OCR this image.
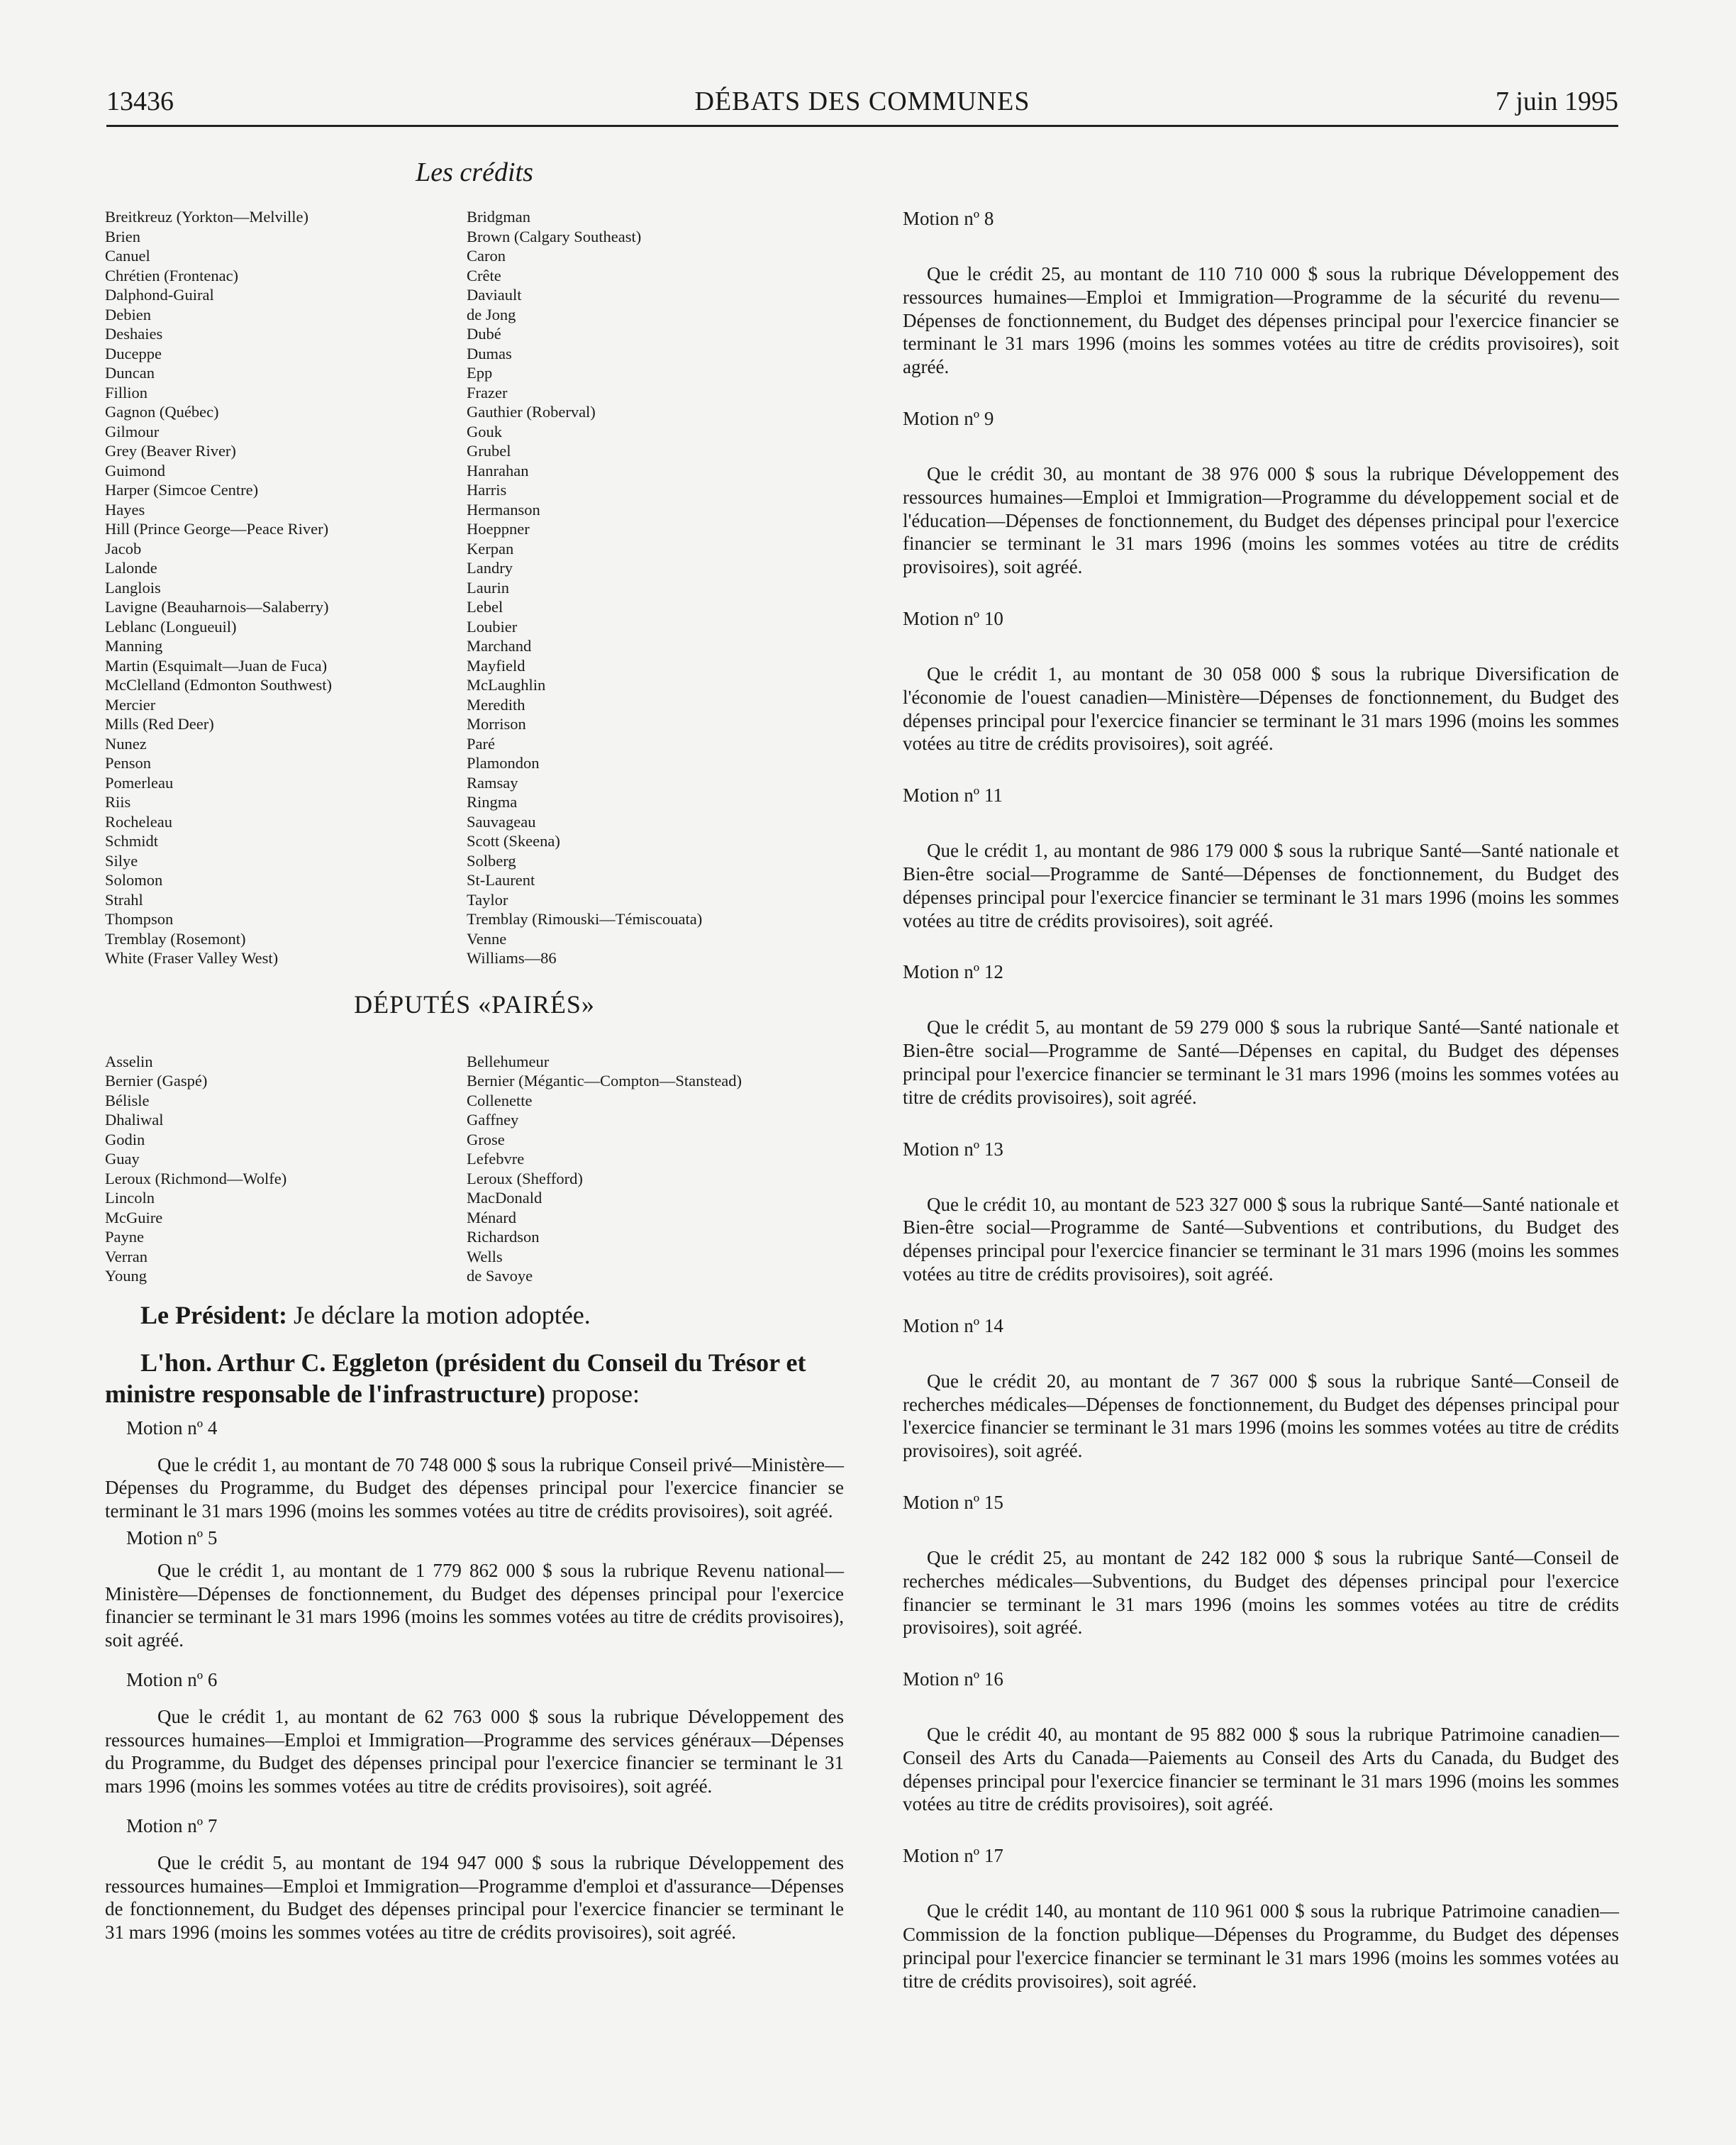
13436	DÉBATS DES COMMUNES	7 juin 1995
Les crédits
Breitkreuz (Yorkton—Melville)	Bridgman
Brien	Brown (Calgary Southeast)
Canuel	Caron
Chrétien (Frontenac)	Crête
Dalphond-Guiral	Daviault
Debien	de Jong
Deshaies	Dubé
Duceppe	Dumas
Duncan	Epp
Fillion	Frazer
Gagnon (Québec)	Gauthier (Roberval)
Gilmour	Gouk
Grey (Beaver River)	Grubel
Guimond	Hanrahan
Harper (Simcoe Centre)	Harris
Hayes	Hermanson
Hill (Prince George—Peace River)	Hoeppner
Jacob	Kerpan
Lalonde	Landry
Langlois	Laurin
Lavigne (Beauharnois—Salaberry)	Lebel
Leblanc (Longueuil)	Loubier
Manning	Marchand
Martin (Esquimalt—Juan de Fuca)	Mayfield
McClelland (Edmonton Southwest)	McLaughlin
Mercier	Meredith
Mills (Red Deer)	Morrison
Nunez	Paré
Penson	Plamondon
Pomerleau	Ramsay
Riis	Ringma
Rocheleau	Sauvageau
Schmidt	Scott (Skeena)
Silye	Solberg
Solomon	St-Laurent
Strahl	Taylor
Thompson	Tremblay (Rimouski—Témiscouata)
Tremblay (Rosemont)	Venne
White (Fraser Valley West)	Williams—86
DÉPUTÉS «PAIRÉS»
Asselin	Bellehumeur
Bernier (Gaspé)	Bernier (Mégantic—Compton—Stanstead)
Bélisle	Collenette
Dhaliwal	Gaffney
Godin	Grose
Guay	Lefebvre
Leroux (Richmond—Wolfe)	Leroux (Shefford)
Lincoln	MacDonald
McGuire	Ménard
Payne	Richardson
Verran	Wells
Young	de Savoye
Le Président: Je déclare la motion adoptée.
L'hon. Arthur C. Eggleton (président du Conseil du Trésor et ministre responsable de l'infrastructure) propose:
Motion nº 4

Que le crédit 1, au montant de 70 748 000 $ sous la rubrique Conseil privé—Ministère—Dépenses du Programme, du Budget des dépenses principal pour l'exercice financier se terminant le 31 mars 1996 (moins les sommes votées au titre de crédits provisoires), soit agréé.

Motion nº 5

Que le crédit 1, au montant de 1 779 862 000 $ sous la rubrique Revenu national—Ministère—Dépenses de fonctionnement, du Budget des dépenses principal pour l'exercice financier se terminant le 31 mars 1996 (moins les sommes votées au titre de crédits provisoires), soit agréé.

Motion nº 6

Que le crédit 1, au montant de 62 763 000 $ sous la rubrique Développement des ressources humaines—Emploi et Immigration—Programme des services généraux—Dépenses du Programme, du Budget des dépenses principal pour l'exercice financier se terminant le 31 mars 1996 (moins les sommes votées au titre de crédits provisoires), soit agréé.

Motion nº 7

Que le crédit 5, au montant de 194 947 000 $ sous la rubrique Développement des ressources humaines—Emploi et Immigration—Programme d'emploi et d'assurance—Dépenses de fonctionnement, du Budget des dépenses principal pour l'exercice financier se terminant le 31 mars 1996 (moins les sommes votées au titre de crédits provisoires), soit agréé.

Motion nº 8

Que le crédit 25, au montant de 110 710 000 $ sous la rubrique Développement des ressources humaines—Emploi et Immigration—Programme de la sécurité du revenu—Dépenses de fonctionnement, du Budget des dépenses principal pour l'exercice financier se terminant le 31 mars 1996 (moins les sommes votées au titre de crédits provisoires), soit agréé.

Motion nº 9

Que le crédit 30, au montant de 38 976 000 $ sous la rubrique Développement des ressources humaines—Emploi et Immigration—Programme du développement social et de l'éducation—Dépenses de fonctionnement, du Budget des dépenses principal pour l'exercice financier se terminant le 31 mars 1996 (moins les sommes votées au titre de crédits provisoires), soit agréé.

Motion nº 10

Que le crédit 1, au montant de 30 058 000 $ sous la rubrique Diversification de l'économie de l'ouest canadien—Ministère—Dépenses de fonctionnement, du Budget des dépenses principal pour l'exercice financier se terminant le 31 mars 1996 (moins les sommes votées au titre de crédits provisoires), soit agréé.

Motion nº 11

Que le crédit 1, au montant de 986 179 000 $ sous la rubrique Santé—Santé nationale et Bien-être social—Programme de Santé—Dépenses de fonctionnement, du Budget des dépenses principal pour l'exercice financier se terminant le 31 mars 1996 (moins les sommes votées au titre de crédits provisoires), soit agréé.

Motion nº 12

Que le crédit 5, au montant de 59 279 000 $ sous la rubrique Santé—Santé nationale et Bien-être social—Programme de Santé—Dépenses en capital, du Budget des dépenses principal pour l'exercice financier se terminant le 31 mars 1996 (moins les sommes votées au titre de crédits provisoires), soit agréé.

Motion nº 13

Que le crédit 10, au montant de 523 327 000 $ sous la rubrique Santé—Santé nationale et Bien-être social—Programme de Santé—Subventions et contributions, du Budget des dépenses principal pour l'exercice financier se terminant le 31 mars 1996 (moins les sommes votées au titre de crédits provisoires), soit agréé.

Motion nº 14

Que le crédit 20, au montant de 7 367 000 $ sous la rubrique Santé—Conseil de recherches médicales—Dépenses de fonctionnement, du Budget des dépenses principal pour l'exercice financier se terminant le 31 mars 1996 (moins les sommes votées au titre de crédits provisoires), soit agréé.

Motion nº 15

Que le crédit 25, au montant de 242 182 000 $ sous la rubrique Santé—Conseil de recherches médicales—Subventions, du Budget des dépenses principal pour l'exercice financier se terminant le 31 mars 1996 (moins les sommes votées au titre de crédits provisoires), soit agréé.

Motion nº 16

Que le crédit 40, au montant de 95 882 000 $ sous la rubrique Patrimoine canadien—Conseil des Arts du Canada—Paiements au Conseil des Arts du Canada, du Budget des dépenses principal pour l'exercice financier se terminant le 31 mars 1996 (moins les sommes votées au titre de crédits provisoires), soit agréé.

Motion nº 17

Que le crédit 140, au montant de 110 961 000 $ sous la rubrique Patrimoine canadien—Commission de la fonction publique—Dépenses du Programme, du Budget des dépenses principal pour l'exercice financier se terminant le 31 mars 1996 (moins les sommes votées au titre de crédits provisoires), soit agréé.
